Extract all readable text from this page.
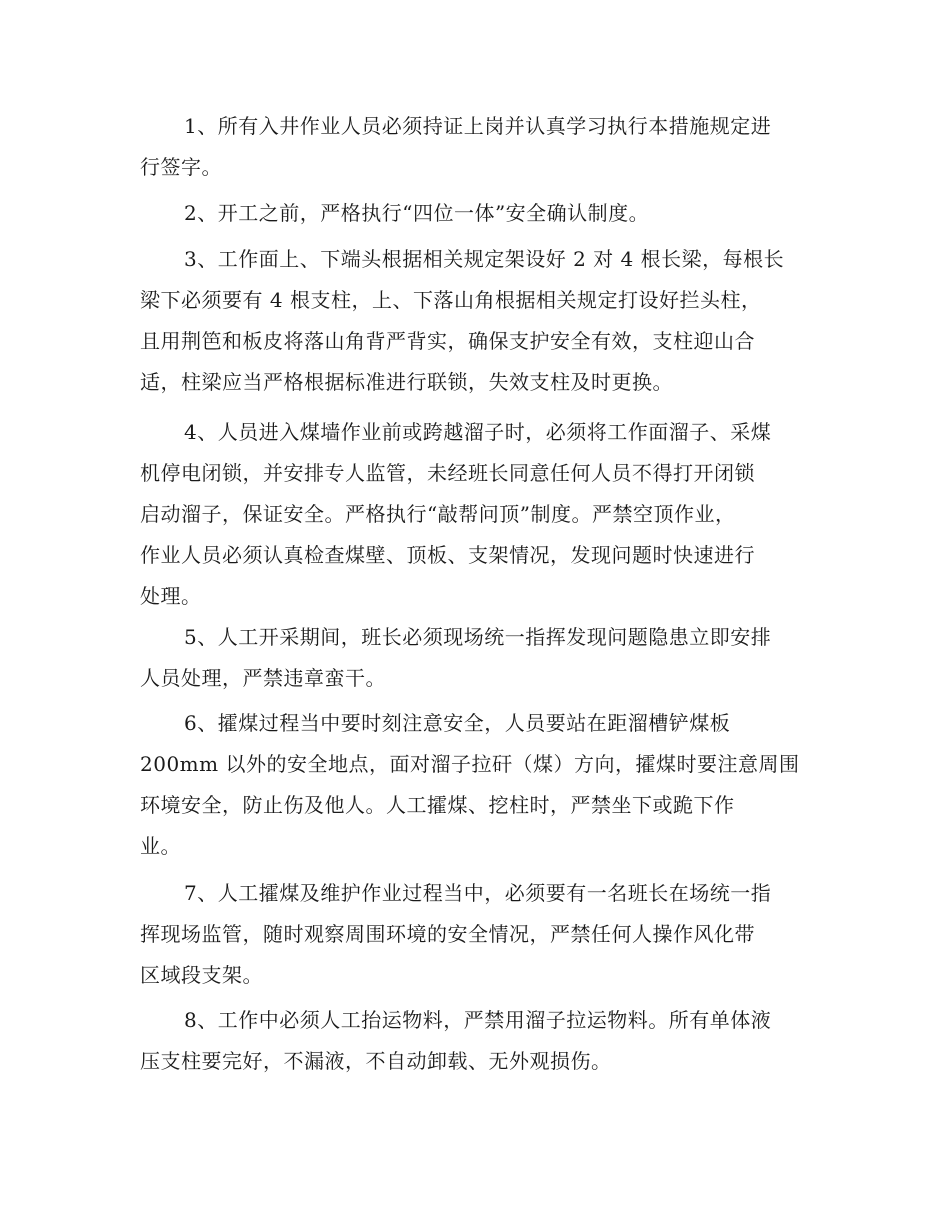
1、所有入井作业人员必须持证上岗并认真学习执行本措施规定进
行签字。
2、开工之前，严格执行“四位一体”安全确认制度。
3、工作面上、下端头根据相关规定架设好 2 对 4 根长梁，每根长
梁下必须要有 4 根支柱，上、下落山角根据相关规定打设好拦头柱，
且用荆笆和板皮将落山角背严背实，确保支护安全有效，支柱迎山合
适，柱梁应当严格根据标准进行联锁，失效支柱及时更换。
4、人员进入煤墙作业前或跨越溜子时，必须将工作面溜子、采煤
机停电闭锁，并安排专人监管，未经班长同意任何人员不得打开闭锁
启动溜子，保证安全。严格执行“敲帮问顶”制度。严禁空顶作业，
作业人员必须认真检查煤壁、顶板、支架情况，发现问题时快速进行
处理。
5、人工开采期间，班长必须现场统一指挥发现问题隐患立即安排
人员处理，严禁违章蛮干。
6、攉煤过程当中要时刻注意安全，人员要站在距溜槽铲煤板
200mm 以外的安全地点，面对溜子拉矸（煤）方向，攉煤时要注意周围
环境安全，防止伤及他人。人工攉煤、挖柱时，严禁坐下或跪下作
业。
7、人工攉煤及维护作业过程当中，必须要有一名班长在场统一指
挥现场监管，随时观察周围环境的安全情况，严禁任何人操作风化带
区域段支架。
8、工作中必须人工抬运物料，严禁用溜子拉运物料。所有单体液
压支柱要完好，不漏液，不自动卸载、无外观损伤。
